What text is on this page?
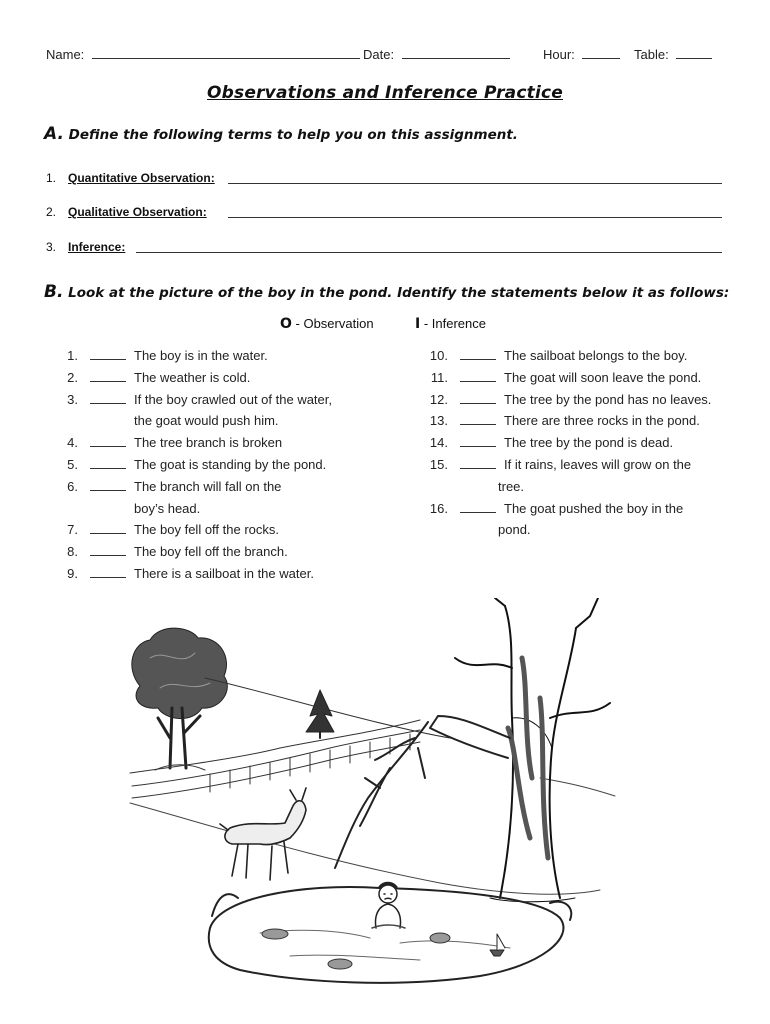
Name:	Date:	Hour:	Table:
Observations and Inference Practice
A. Define the following terms to help you on this assignment.
1. Quantitative Observation:
2. Qualitative Observation:
3. Inference:
B. Look at the picture of the boy in the pond. Identify the statements below it as follows:
O - Observation	I - Inference
1.	The boy is in the water.
2.	The weather is cold.
3.	If the boy crawled out of the water,
the goat would push him.
4.	The tree branch is broken
5.	The goat is standing by the pond.
6.	The branch will fall on the
boy’s head.
7.	The boy fell off the rocks.
8.	The boy fell off the branch.
9.	There is a sailboat in the water.
10.	The sailboat belongs to the boy.
11.	The goat will soon leave the pond.
12.	The tree by the pond has no leaves.
13.	There are three rocks in the pond.
14.	The tree by the pond is dead.
15.	If it rains, leaves will grow on the
tree.
16.	The goat pushed the boy in the
pond.
